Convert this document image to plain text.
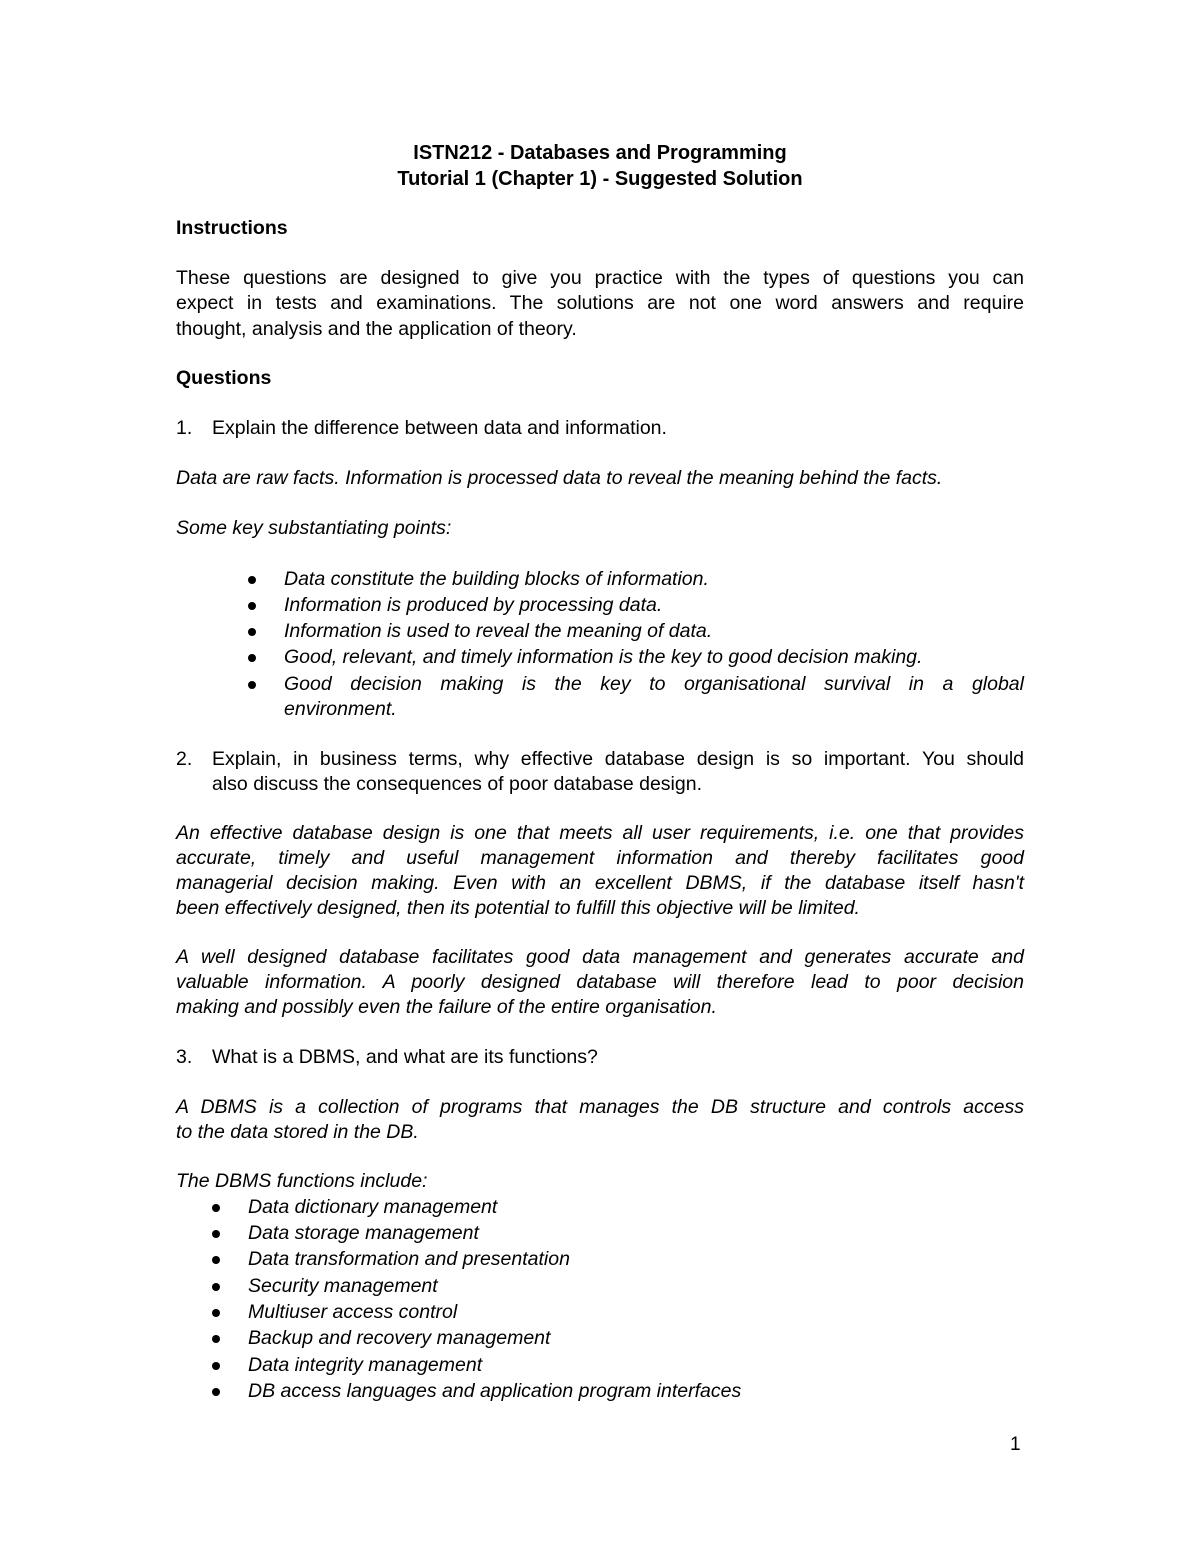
ISTN212 - Databases and Programming

Tutorial 1 (Chapter 1) - Suggested Solution

Instructions

These questions are designed to give you practice with the types of questions you can

expect in tests and examinations. The solutions are not one word answers and require

thought, analysis and the application of theory.

Questions

1. Explain the difference between data and information.

Data are raw facts. Information is processed data to reveal the meaning behind the facts.

Some key substantiating points:

Data constitute the building blocks of information.

Information is produced by processing data.

Information is used to reveal the meaning of data.

Good, relevant, and timely information is the key to good decision making.

Good decision making is the key to organisational survival in a global

environment.

2. Explain, in business terms, why effective database design is so important. You should

also discuss the consequences of poor database design.

An effective database design is one that meets all user requirements, i.e. one that provides

accurate, timely and useful management information and thereby facilitates good

managerial decision making. Even with an excellent DBMS, if the database itself hasn't

been effectively designed, then its potential to fulfill this objective will be limited.

A well designed database facilitates good data management and generates accurate and

valuable information. A poorly designed database will therefore lead to poor decision

making and possibly even the failure of the entire organisation.

3. What is a DBMS, and what are its functions?

A DBMS is a collection of programs that manages the DB structure and controls access

to the data stored in the DB.

The DBMS functions include:

Data dictionary management

Data storage management

Data transformation and presentation

Security management

Multiuser access control

Backup and recovery management

Data integrity management

DB access languages and application program interfaces

1
